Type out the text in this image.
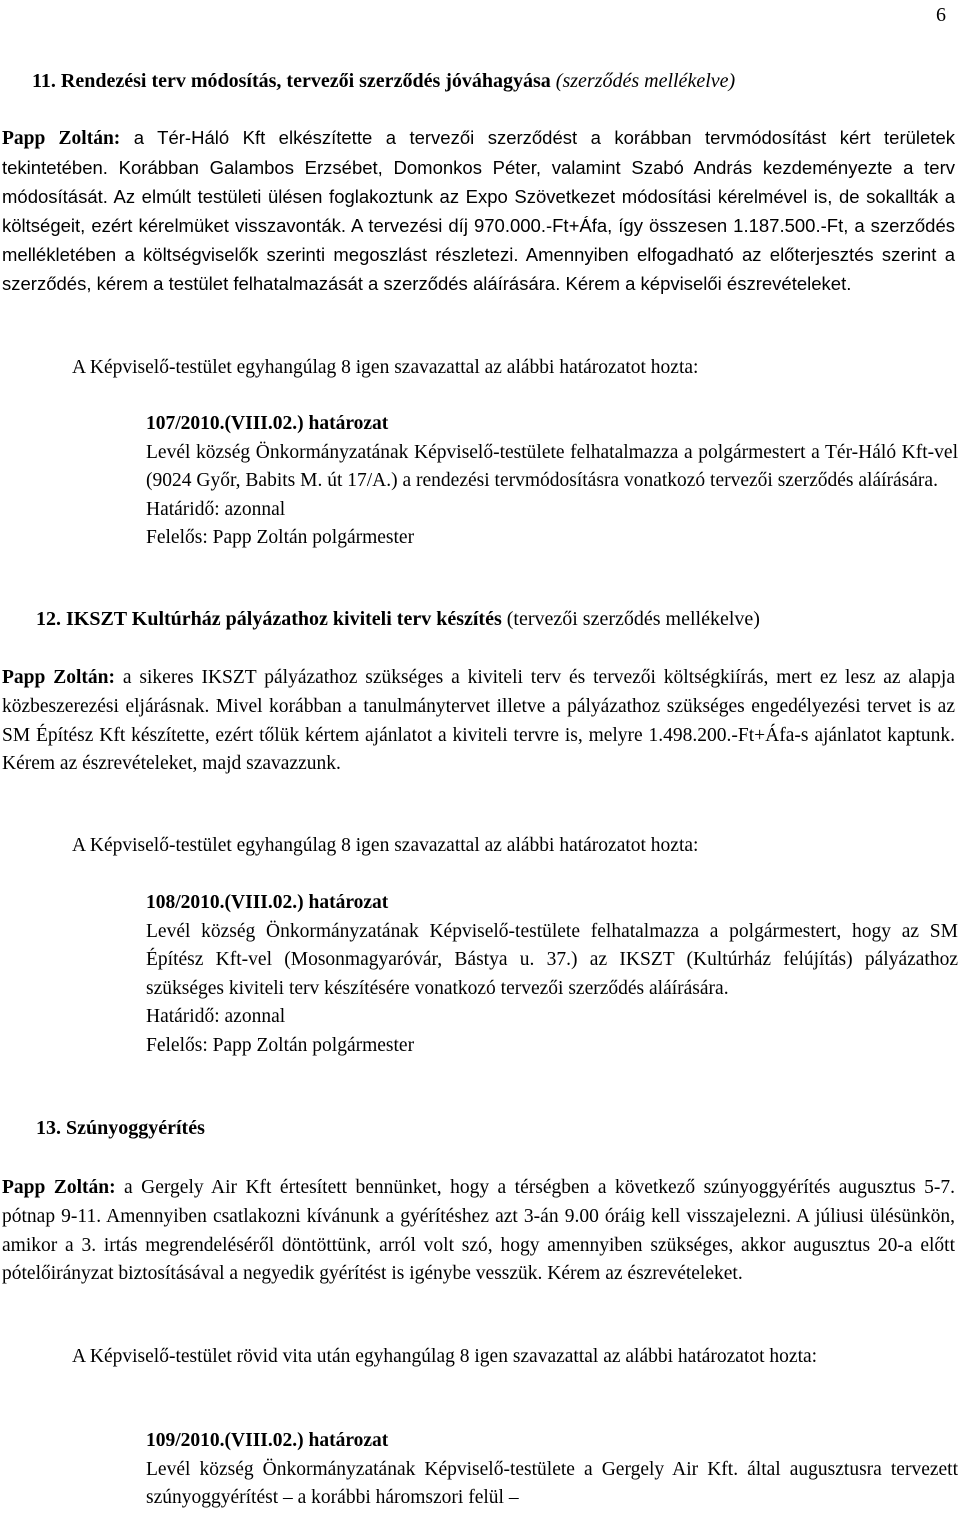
6
11. Rendezési terv módosítás, tervezői szerződés jóváhagyása (szerződés mellékelve)
Papp Zoltán: a Tér-Háló Kft elkészítette a tervezői szerződést a korábban tervmódosítást kért területek tekintetében. Korábban Galambos Erzsébet, Domonkos Péter, valamint Szabó András kezdeményezte a terv módosítását. Az elmúlt testületi ülésen foglakoztunk az Expo Szövetkezet módosítási kérelmével is, de sokallták a költségeit, ezért kérelmüket visszavonták. A tervezési díj 970.000.-Ft+Áfa, így összesen 1.187.500.-Ft, a szerződés mellékletében a költségviselők szerinti megoszlást részletezi. Amennyiben elfogadható az előterjesztés szerint a szerződés, kérem a testület felhatalmazását a szerződés aláírására. Kérem a képviselői észrevételeket.
A Képviselő-testület egyhangúlag 8 igen szavazattal az alábbi határozatot hozta:
107/2010.(VIII.02.) határozat
Levél község Önkormányzatának Képviselő-testülete felhatalmazza a polgármestert a Tér-Háló Kft-vel (9024 Győr, Babits M. út 17/A.) a rendezési tervmódosításra vonatkozó tervezői szerződés aláírására.
Határidő: azonnal
Felelős: Papp Zoltán polgármester
12. IKSZT Kultúrház pályázathoz kiviteli terv készítés (tervezői szerződés mellékelve)
Papp Zoltán: a sikeres IKSZT pályázathoz szükséges a kiviteli terv és tervezői költségkiírás, mert ez lesz az alapja közbeszerezési eljárásnak. Mivel korábban a tanulmánytervet illetve a pályázathoz szükséges engedélyezési tervet is az SM Építész Kft készítette, ezért tőlük kértem ajánlatot a kiviteli tervre is, melyre 1.498.200.-Ft+Áfa-s ajánlatot kaptunk. Kérem az észrevételeket, majd szavazzunk.
A Képviselő-testület egyhangúlag 8 igen szavazattal az alábbi határozatot hozta:
108/2010.(VIII.02.) határozat
Levél község Önkormányzatának Képviselő-testülete felhatalmazza a polgármestert, hogy az SM Építész Kft-vel (Mosonmagyaróvár, Bástya u. 37.) az IKSZT (Kultúrház felújítás) pályázathoz szükséges kiviteli terv készítésére vonatkozó tervezői szerződés aláírására.
Határidő: azonnal
Felelős: Papp Zoltán polgármester
13. Szúnyoggyérítés
Papp Zoltán: a Gergely Air Kft értesített bennünket, hogy a térségben a következő szúnyoggyérítés augusztus 5-7. pótnap 9-11. Amennyiben csatlakozni kívánunk a gyérítéshez azt 3-án 9.00 óráig kell visszajelezni. A júliusi ülésünkön, amikor a 3. irtás megrendeléséről döntöttünk, arról volt szó, hogy amennyiben szükséges, akkor augusztus 20-a előtt pótelőirányzat biztosításával a negyedik gyérítést is igénybe vesszük. Kérem az észrevételeket.
A Képviselő-testület rövid vita után egyhangúlag 8 igen szavazattal az alábbi határozatot hozta:
109/2010.(VIII.02.) határozat
Levél község Önkormányzatának Képviselő-testülete a Gergely Air Kft. által augusztusra tervezett szúnyoggyérítést – a korábbi háromszori felül –
